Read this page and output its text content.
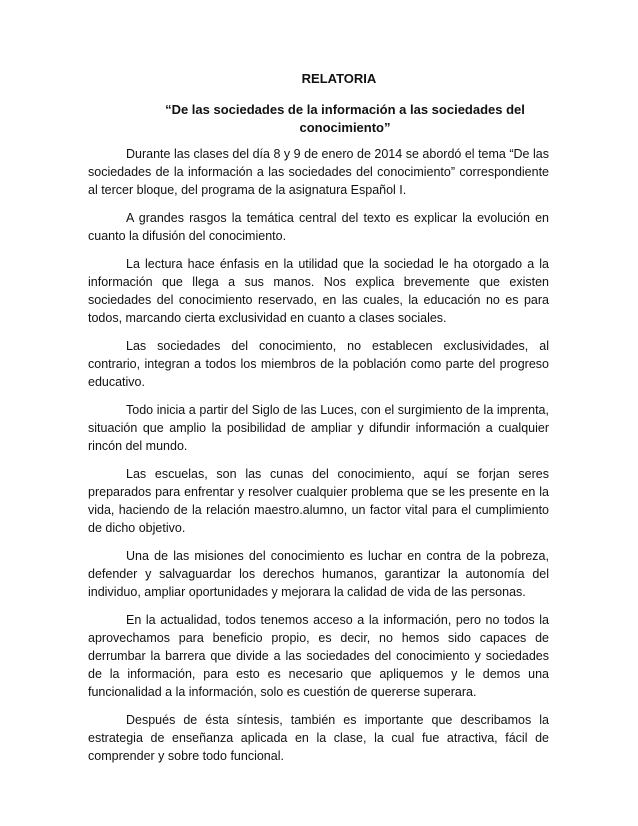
RELATORIA
“De las sociedades de la información a las sociedades del conocimiento”

Durante las clases del día 8 y 9 de enero de 2014 se abordó el tema “De las sociedades de la información a las sociedades del conocimiento” correspondiente al tercer bloque, del programa de la asignatura Español I.

A grandes rasgos la temática central del texto es explicar la evolución en cuanto la difusión del conocimiento.

La lectura hace énfasis en la utilidad que la sociedad le ha otorgado a la información que llega a sus manos. Nos explica brevemente que existen sociedades del conocimiento reservado, en las cuales, la educación no es para todos, marcando cierta exclusividad en cuanto a clases sociales.

Las sociedades del conocimiento, no establecen exclusividades, al contrario, integran a todos los miembros de la población como parte del progreso educativo.

Todo inicia a partir del Siglo de las Luces, con el surgimiento de la imprenta, situación que amplio la posibilidad de ampliar y difundir información a cualquier rincón del mundo.

Las escuelas, son las cunas del conocimiento, aquí se forjan seres preparados para enfrentar y resolver cualquier problema que se les presente en la vida, haciendo de la relación maestro.alumno, un factor vital para el cumplimiento de dicho objetivo.

Una de las misiones del conocimiento es luchar en contra de la pobreza, defender y salvaguardar los derechos humanos, garantizar la autonomía del individuo, ampliar oportunidades y mejorara la calidad de vida de las personas.

En la actualidad, todos tenemos acceso a la información, pero no todos la aprovechamos para beneficio propio, es decir, no hemos sido capaces de derrumbar la barrera que divide a las sociedades del conocimiento y sociedades de la información, para esto es necesario que apliquemos y le demos una funcionalidad a la información, solo es cuestión de quererse superara.

Después de ésta síntesis, también es importante que describamos la estrategia de enseñanza aplicada en la clase, la cual fue atractiva, fácil de comprender y sobre todo funcional.
